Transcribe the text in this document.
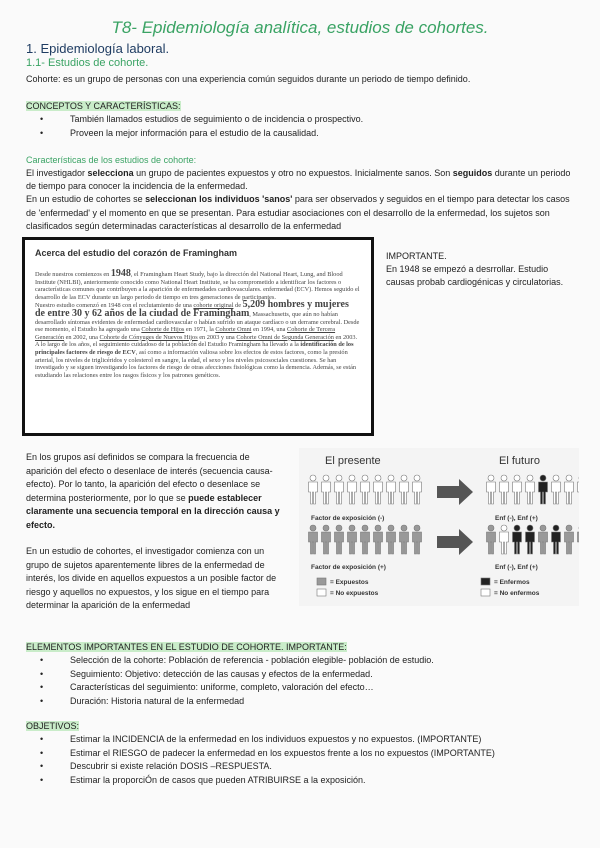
T8- Epidemiología analítica, estudios de cohortes.
1. Epidemiología laboral.
1.1- Estudios de cohorte.
Cohorte: es un grupo de personas con una experiencia común seguidos durante un periodo de tiempo definido.
CONCEPTOS Y CARACTERÍSTICAS:
• También llamados estudios de seguimiento o de incidencia o prospectivo.
• Proveen la mejor información para el estudio de la causalidad.
Características de los estudios de cohorte:
El investigador selecciona un grupo de pacientes expuestos y otro no expuestos. Inicialmente sanos. Son seguidos durante un periodo de tiempo para conocer la incidencia de la enfermedad.
En un estudio de cohortes se seleccionan los individuos 'sanos' para ser observados y seguidos en el tiempo para detectar los casos de 'enfermedad' y el momento en que se presentan. Para estudiar asociaciones con el desarrollo de la enfermedad, los sujetos son clasificados según determinadas características al desarrollo de la enfermedad
Acerca del estudio del corazón de Framingham

Desde nuestros comienzos en 1948, el Framingham Heart Study, bajo la dirección del National Heart, Lung, and Blood Institute (NHLBI), anteriormente conocido como National Heart Institute, se ha comprometido a identificar los factores o características comunes que contribuyen a la aparición de enfermedades cardiovasculares. enfermedad (ECV). Hemos seguido el desarrollo de las ECV durante un largo periodo de tiempo en tres generaciones de participantes.

Nuestro estudio comenzó en 1948 con el reclutamiento de una cohorte original de 5,209 hombres y mujeres de entre 30 y 62 años de la ciudad de Framingham, Massachusetts, que aún no habían desarrollado síntomas evidentes de enfermedad cardiovascular o habían sufrido un ataque cardíaco o un derrame cerebral. Desde ese momento, el Estudio ha agregado una Cohorte de Hijos en 1971, la Cohorte Omni en 1994, una Cohorte de Tercera Generación en 2002, una Cohorte de Cónyuges de Nuevos Hijos en 2003 y una Cohorte Omni de Segunda Generación en 2003.

A lo largo de los años, el seguimiento cuidadoso de la población del Estudio Framingham ha llevado a la identificación de los principales factores de riesgo de ECV, así como a información valiosa sobre los efectos de estos factores, como la presión arterial, los niveles de triglicéridos y colesterol en sangre, la edad, el sexo y los niveles psicosociales cuestiones. Se han investigado y se siguen investigando los factores de riesgo de otras afecciones fisiológicas como la demencia. Además, se están estudiando las relaciones entre los rasgos físicos y los patrones genéticos.

IMPORTANTE.
En 1948 se empezó a desrrollar. Estudio causas probab cardiogénicas y circulatorias.
En los grupos así definidos se compara la frecuencia de aparición del efecto o desenlace de interés (secuencia causa-efecto). Por lo tanto, la aparición del efecto o desenlace se determina posteriormente, por lo que se puede establecer claramente una secuencia temporal en la dirección causa y efecto.
En un estudio de cohortes, el investigador comienza con un grupo de sujetos aparentemente libres de la enfermedad de interés, los divide en aquellos expuestos a un posible factor de riesgo y aquellos no expuestos, y los sigue en el tiempo para determinar la aparición de la enfermedad
El presente	El futuro
Factor de exposición (-)	Enf (-), Enf (+)
Factor de exposición (+)	Enf (-), Enf (+)
= Expuestos
= No expuestos
= Enfermos
= No enfermos
ELEMENTOS IMPORTANTES EN EL ESTUDIO DE COHORTE. IMPORTANTE:
• Selección de la cohorte: Población de referencia - población elegible- población de estudio.
• Seguimiento: Objetivo: detección de las causas y efectos de la enfermedad.
• Características del seguimiento: uniforme, completo, valoración del efecto…
• Duración: Historia natural de la enfermedad
OBJETIVOS:
• Estimar la INCIDENCIA de la enfermedad en los individuos expuestos y no expuestos. (IMPORTANTE)
• Estimar el RIESGO de padecer la enfermedad en los expuestos frente a los no expuestos (IMPORTANTE)
• Descubrir si existe relación DOSIS –RESPUESTA.
• Estimar la proporciÓn de casos que pueden ATRIBUIRSE a la exposición.
